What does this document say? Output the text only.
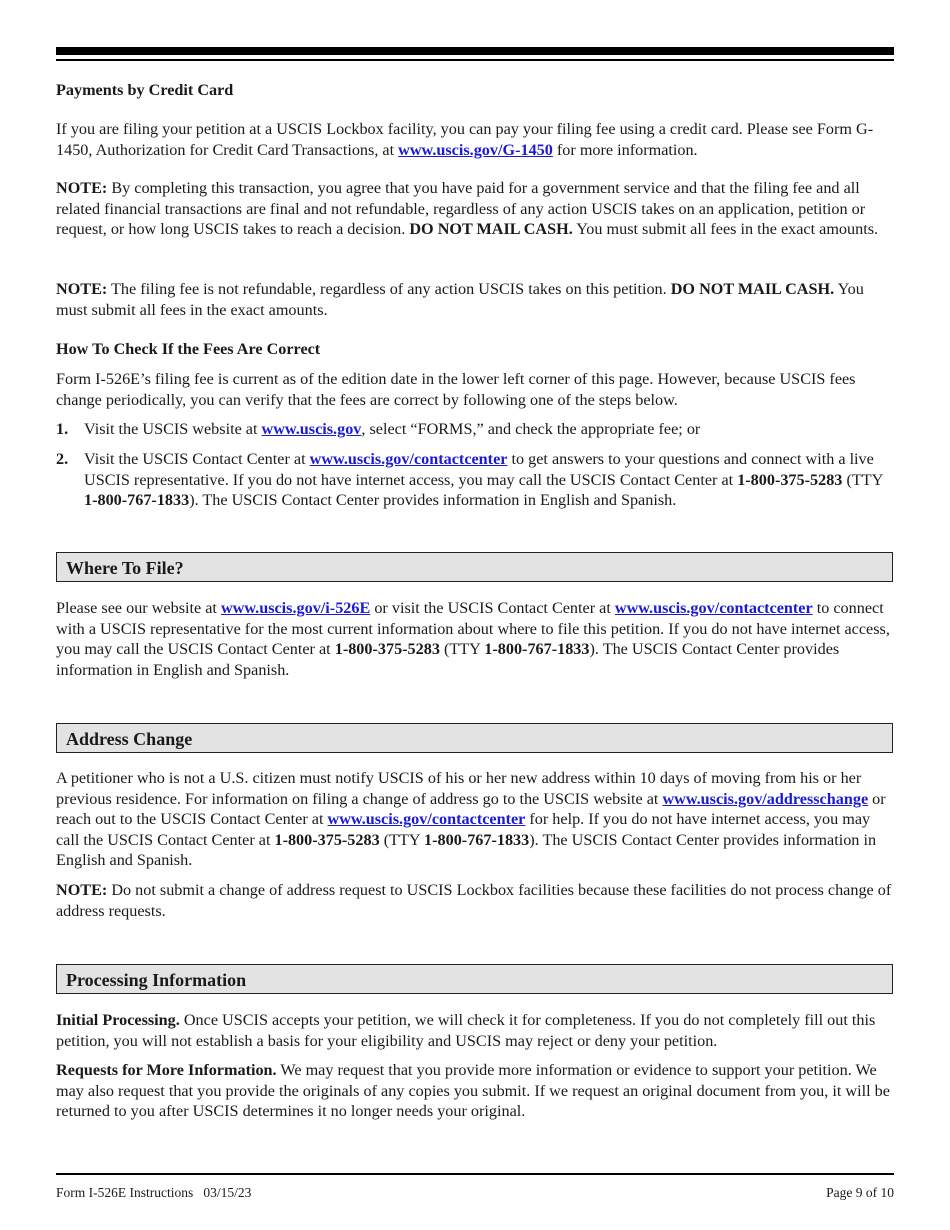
Payments by Credit Card

If you are filing your petition at a USCIS Lockbox facility, you can pay your filing fee using a credit card. Please see Form G-1450, Authorization for Credit Card Transactions, at www.uscis.gov/G-1450 for more information.

NOTE: By completing this transaction, you agree that you have paid for a government service and that the filing fee and all related financial transactions are final and not refundable, regardless of any action USCIS takes on an application, petition or request, or how long USCIS takes to reach a decision. DO NOT MAIL CASH. You must submit all fees in the exact amounts.

NOTE: The filing fee is not refundable, regardless of any action USCIS takes on this petition. DO NOT MAIL CASH. You must submit all fees in the exact amounts.

How To Check If the Fees Are Correct

Form I-526E’s filing fee is current as of the edition date in the lower left corner of this page. However, because USCIS fees change periodically, you can verify that the fees are correct by following one of the steps below.

1. Visit the USCIS website at www.uscis.gov, select “FORMS,” and check the appropriate fee; or
2. Visit the USCIS Contact Center at www.uscis.gov/contactcenter to get answers to your questions and connect with a live USCIS representative. If you do not have internet access, you may call the USCIS Contact Center at 1-800-375-5283 (TTY 1-800-767-1833). The USCIS Contact Center provides information in English and Spanish.
Where To File?

Please see our website at www.uscis.gov/i-526E or visit the USCIS Contact Center at www.uscis.gov/contactcenter to connect with a USCIS representative for the most current information about where to file this petition. If you do not have internet access, you may call the USCIS Contact Center at 1-800-375-5283 (TTY 1-800-767-1833). The USCIS Contact Center provides information in English and Spanish.

Address Change

A petitioner who is not a U.S. citizen must notify USCIS of his or her new address within 10 days of moving from his or her previous residence. For information on filing a change of address go to the USCIS website at www.uscis.gov/addresschange or reach out to the USCIS Contact Center at www.uscis.gov/contactcenter for help. If you do not have internet access, you may call the USCIS Contact Center at 1-800-375-5283 (TTY 1-800-767-1833). The USCIS Contact Center provides information in English and Spanish.

NOTE: Do not submit a change of address request to USCIS Lockbox facilities because these facilities do not process change of address requests.

Processing Information

Initial Processing. Once USCIS accepts your petition, we will check it for completeness. If you do not completely fill out this petition, you will not establish a basis for your eligibility and USCIS may reject or deny your petition.

Requests for More Information. We may request that you provide more information or evidence to support your petition. We may also request that you provide the originals of any copies you submit. If we request an original document from you, it will be returned to you after USCIS determines it no longer needs your original.

Form I-526E Instructions   03/15/23	Page 9 of 10
